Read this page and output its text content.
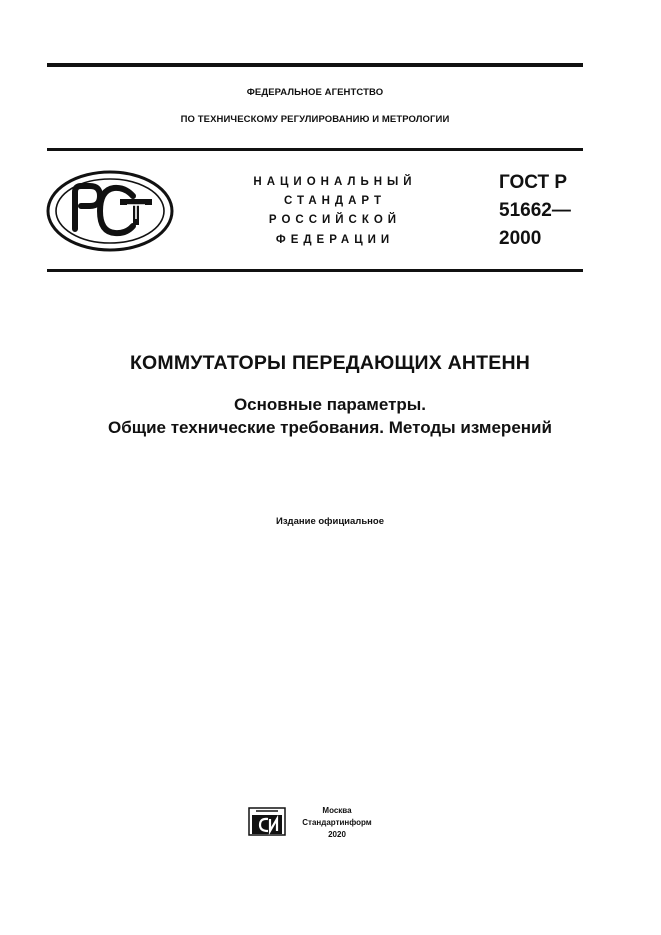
ФЕДЕРАЛЬНОЕ АГЕНТСТВО
ПО ТЕХНИЧЕСКОМУ РЕГУЛИРОВАНИЮ И МЕТРОЛОГИИ
НАЦИОНАЛЬНЫЙ
СТАНДАРТ
РОССИЙСКОЙ
ФЕДЕРАЦИИ
ГОСТ Р
51662—
2000
КОММУТАТОРЫ ПЕРЕДАЮЩИХ АНТЕНН
Основные параметры.
Общие технические требования. Методы измерений
Издание официальное
Москва
Стандартинформ
2020
